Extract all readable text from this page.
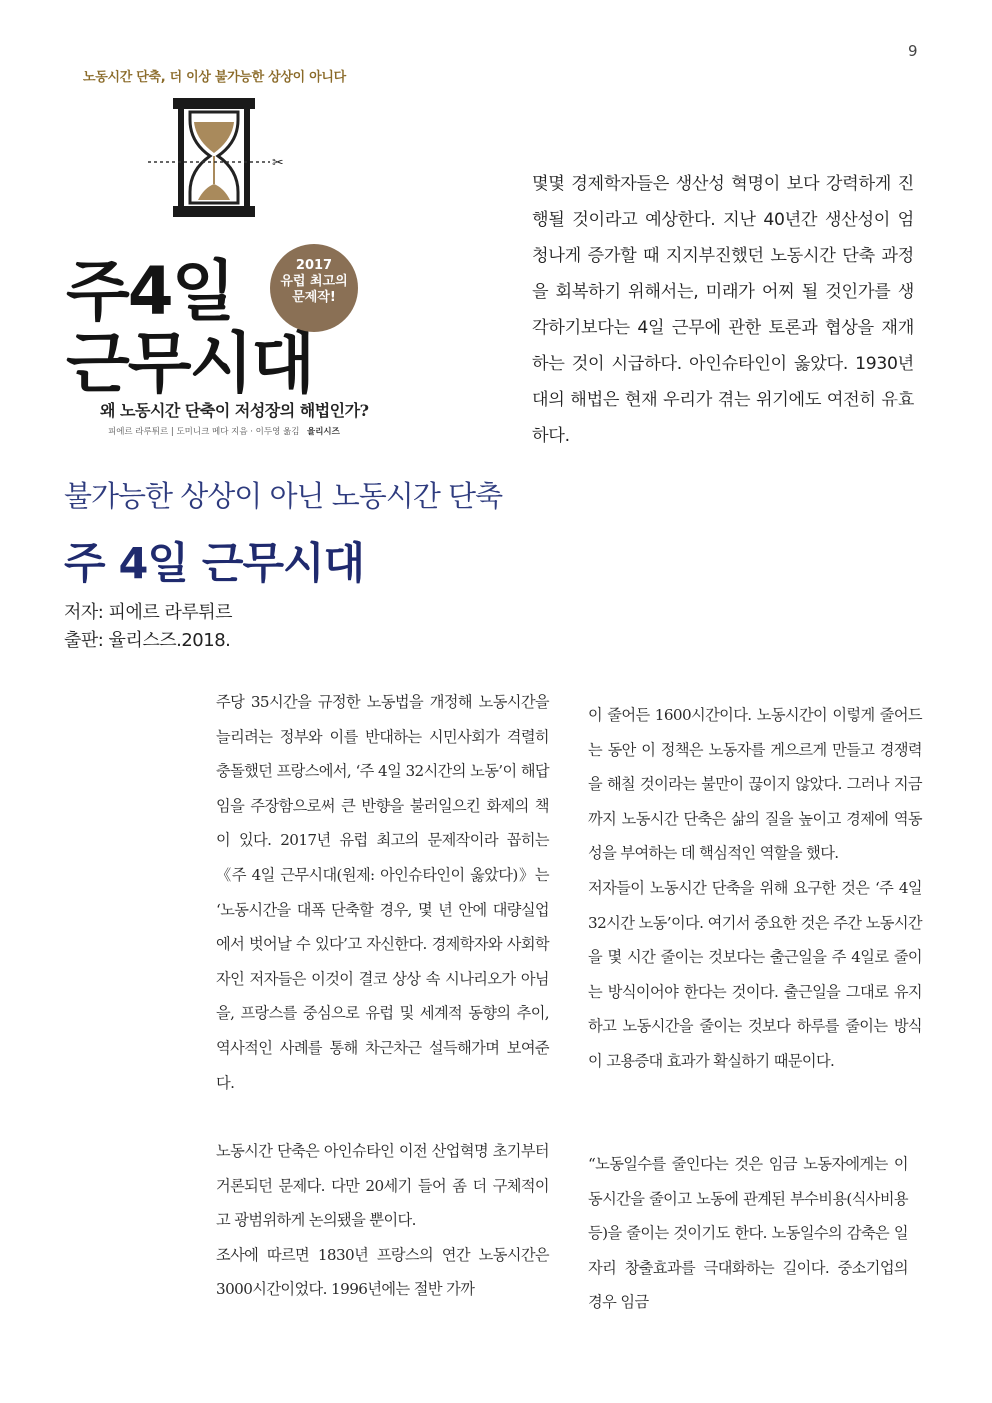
9
노동시간 단축, 더 이상 불가능한 상상이 아니다
✂
주4일
근무시대
2017
유럽 최고의
문제작!
왜 노동시간 단축이 저성장의 해법인가?
피에르 라루튀르 | 도미니크 메다 지음 · 이두영 옮김 율리시즈

몇몇 경제학자들은 생산성 혁명이 보다 강력하게 진행될 것이라고 예상한다. 지난 40년간 생산성이 엄청나게 증가할 때 지지부진했던 노동시간 단축 과정을 회복하기 위해서는, 미래가 어찌 될 것인가를 생각하기보다는 4일 근무에 관한 토론과 협상을 재개하는 것이 시급하다. 아인슈타인이 옳았다. 1930년대의 해법은 현재 우리가 겪는 위기에도 여전히 유효하다.

불가능한 상상이 아닌 노동시간 단축
주 4일 근무시대
저자: 피에르 라루튀르
출판: 율리스즈.2018.

주당 35시간을 규정한 노동법을 개정해 노동시간을 늘리려는 정부와 이를 반대하는 시민사회가 격렬히 충돌했던 프랑스에서, ‘주 4일 32시간의 노동’이 해답임을 주장함으로써 큰 반향을 불러일으킨 화제의 책이 있다. 2017년 유럽 최고의 문제작이라 꼽히는 《주 4일 근무시대(원제: 아인슈타인이 옳았다)》는 ‘노동시간을 대폭 단축할 경우, 몇 년 안에 대량실업에서 벗어날 수 있다’고 자신한다. 경제학자와 사회학자인 저자들은 이것이 결코 상상 속 시나리오가 아님을, 프랑스를 중심으로 유럽 및 세계적 동향의 추이, 역사적인 사례를 통해 차근차근 설득해가며 보여준다.

노동시간 단축은 아인슈타인 이전 산업혁명 초기부터 거론되던 문제다. 다만 20세기 들어 좀 더 구체적이고 광범위하게 논의됐을 뿐이다.

조사에 따르면 1830년 프랑스의 연간 노동시간은 3000시간이었다. 1996년에는 절반 가까

이 줄어든 1600시간이다. 노동시간이 이렇게 줄어드는 동안 이 정책은 노동자를 게으르게 만들고 경쟁력을 해칠 것이라는 불만이 끊이지 않았다. 그러나 지금까지 노동시간 단축은 삶의 질을 높이고 경제에 역동성을 부여하는 데 핵심적인 역할을 했다.

저자들이 노동시간 단축을 위해 요구한 것은 ‘주 4일 32시간 노동’이다. 여기서 중요한 것은 주간 노동시간을 몇 시간 줄이는 것보다는 출근일을 주 4일로 줄이는 방식이어야 한다는 것이다. 출근일을 그대로 유지하고 노동시간을 줄이는 것보다 하루를 줄이는 방식이 고용증대 효과가 확실하기 때문이다.

“노동일수를 줄인다는 것은 임금 노동자에게는 이동시간을 줄이고 노동에 관계된 부수비용(식사비용 등)을 줄이는 것이기도 한다. 노동일수의 감축은 일자리 창출효과를 극대화하는 길이다. 중소기업의 경우 임금
